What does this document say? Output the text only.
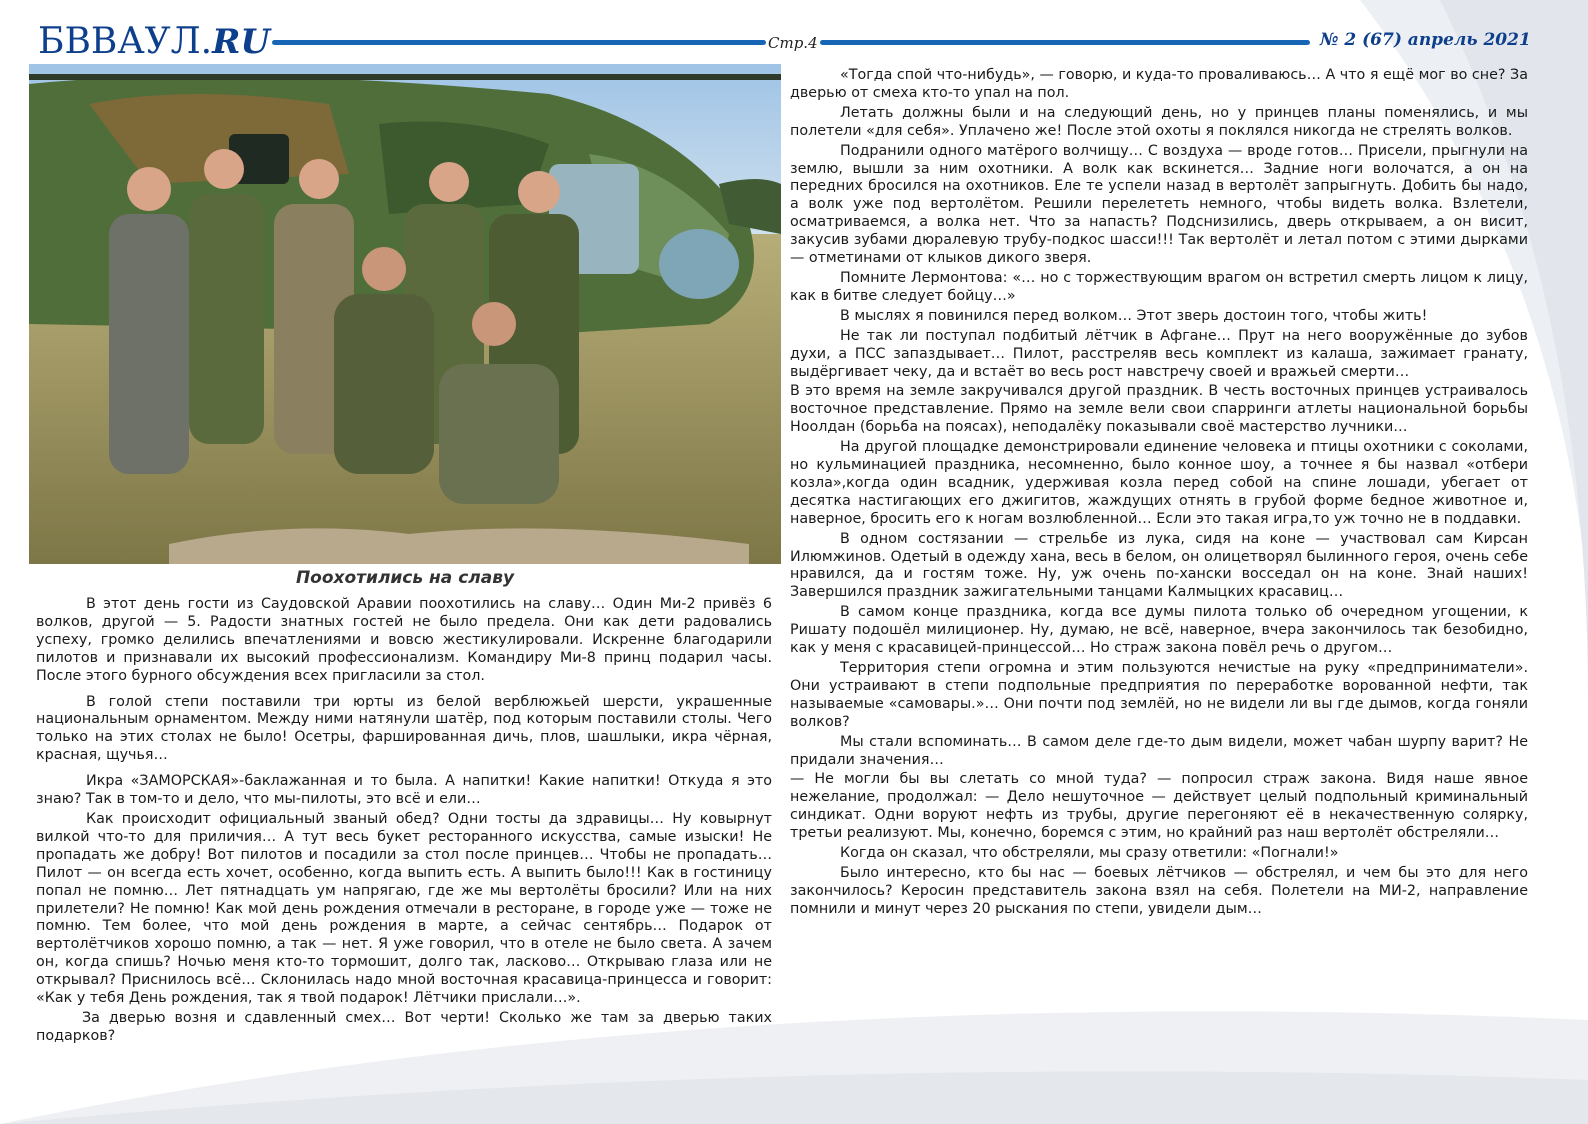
БВВАУЛ.RU	Стр.4	№ 2 (67) апрель 2021
Поохотились на славу

В этот день гости из Саудовской Аравии поохотились на славу… Один Ми-2 привёз 6 волков, другой — 5. Радости знатных гостей не было предела. Они как дети радовались успеху, громко делились впечатлениями и вовсю жестикулировали. Искренне благодарили пилотов и признавали их высокий профессионализм. Командиру Ми-8 принц подарил часы. После этого бурного обсуждения всех пригласили за стол.

В голой степи поставили три юрты из белой верблюжьей шерсти, украшенные национальным орнаментом. Между ними натянули шатёр, под которым поставили столы. Чего только на этих столах не было! Осетры, фаршированная дичь, плов, шашлыки, икра чёрная, красная, щучья…

Икра «ЗАМОРСКАЯ»-баклажанная и то была. А напитки! Какие напитки! Откуда я это знаю? Так в том-то и дело, что мы-пилоты, это всё и ели…

Как происходит официальный званый обед? Одни тосты да здравицы… Ну ковырнут вилкой что-то для приличия… А тут весь букет ресторанного искусства, самые изыски! Не пропадать же добру! Вот пилотов и посадили за стол после принцев… Чтобы не пропадать… Пилот — он всегда есть хочет, особенно, когда выпить есть. А выпить было!!! Как в гостиницу попал не помню… Лет пятнадцать ум напрягаю, где же мы вертолёты бросили? Или на них прилетели? Не помню! Как мой день рождения отмечали в ресторане, в городе уже — тоже не помню. Тем более, что мой день рождения в марте, а сейчас сентябрь… Подарок от вертолётчиков хорошо помню, а так — нет. Я уже говорил, что в отеле не было света. А зачем он, когда спишь? Ночью меня кто-то тормошит, долго так, ласково… Открываю глаза или не открывал? Приснилось всё… Склонилась надо мной восточная красавица-принцесса и говорит: «Как у тебя День рождения, так я твой подарок! Лётчики прислали…».

За дверью возня и сдавленный смех… Вот черти! Сколько же там за дверью таких подарков?

«Тогда спой что-нибудь», — говорю, и куда-то проваливаюсь… А что я ещё мог во сне? За дверью от смеха кто-то упал на пол.

Летать должны были и на следующий день, но у принцев планы поменялись, и мы полетели «для себя». Уплачено же! После этой охоты я поклялся никогда не стрелять волков.

Подранили одного матёрого волчищу… С воздуха — вроде готов… Присели, прыгнули на землю, вышли за ним охотники. А волк как вскинется… Задние ноги волочатся, а он на передних бросился на охотников. Еле те успели назад в вертолёт запрыгнуть. Добить бы надо, а волк уже под вертолётом. Решили перелететь немного, чтобы видеть волка. Взлетели, осматриваемся, а волка нет. Что за напасть? Подснизились, дверь открываем, а он висит, закусив зубами дюралевую трубу-подкос шасси!!! Так вертолёт и летал потом с этими дырками — отметинами от клыков дикого зверя.

Помните Лермонтова: «… но с торжествующим врагом он встретил смерть лицом к лицу, как в битве следует бойцу…»

В мыслях я повинился перед волком… Этот зверь достоин того, чтобы жить!

Не так ли поступал подбитый лётчик в Афгане… Прут на него вооружённые до зубов духи, а ПСС запаздывает… Пилот, расстреляв весь комплект из калаша, зажимает гранату, выдёргивает чеку, да и встаёт во весь рост навстречу своей и вражьей смерти…

В это время на земле закручивался другой праздник. В честь восточных принцев устраивалось восточное представление. Прямо на земле вели свои спарринги атлеты национальной борьбы Ноолдан (борьба на поясах), неподалёку показывали своё мастерство лучники…

На другой площадке демонстрировали единение человека и птицы охотники с соколами, но кульминацией праздника, несомненно, было конное шоу, а точнее я бы назвал «отбери козла»,когда один всадник, удерживая козла перед собой на спине лошади, убегает от десятка настигающих его джигитов, жаждущих отнять в грубой форме бедное животное и, наверное, бросить его к ногам возлюбленной… Если это такая игра,то уж точно не в поддавки.

В одном состязании — стрельбе из лука, сидя на коне — участвовал сам Кирсан Илюмжинов. Одетый в одежду хана, весь в белом, он олицетворял былинного героя, очень себе нравился, да и гостям тоже. Ну, уж очень по-хански восседал он на коне. Знай наших! Завершился праздник зажигательными танцами Калмыцких красавиц…

В самом конце праздника, когда все думы пилота только об очередном угощении, к Ришату подошёл милиционер. Ну, думаю, не всё, наверное, вчера закончилось так безобидно, как у меня с красавицей-принцессой… Но страж закона повёл речь о другом…

Территория степи огромна и этим пользуются нечистые на руку «предприниматели». Они устраивают в степи подпольные предприятия по переработке ворованной нефти, так называемые «самовары.»… Они почти под землёй, но не видели ли вы где дымов, когда гоняли волков?

Мы стали вспоминать… В самом деле где-то дым видели, может чабан шурпу варит? Не придали значения…

— Не могли бы вы слетать со мной туда? — попросил страж закона. Видя наше явное нежелание, продолжал: — Дело нешуточное — действует целый подпольный криминальный синдикат. Одни воруют нефть из трубы, другие перегоняют её в некачественную солярку, третьи реализуют. Мы, конечно, боремся с этим, но крайний раз наш вертолёт обстреляли…

Когда он сказал, что обстреляли, мы сразу ответили: «Погнали!»

Было интересно, кто бы нас — боевых лётчиков — обстрелял, и чем бы это для него закончилось? Керосин представитель закона взял на себя. Полетели на МИ-2, направление помнили и минут через 20 рыскания по степи, увидели дым…
